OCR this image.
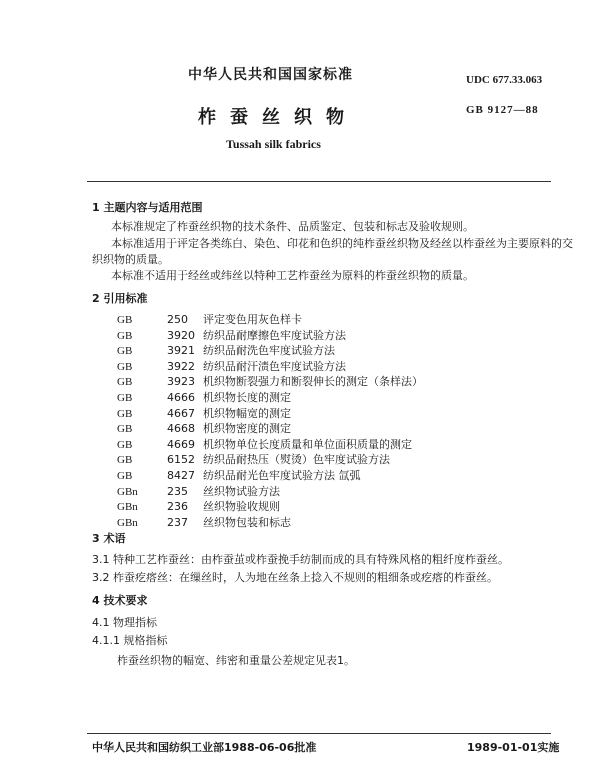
中华人民共和国国家标准	UDC 677.33.063
柞蚕丝织物	GB 9127—88
Tussah silk fabrics
1 主题内容与适用范围
本标准规定了柞蚕丝织物的技术条件、品质鉴定、包装和标志及验收规则。
本标准适用于评定各类练白、染色、印花和色织的纯柞蚕丝织物及经丝以柞蚕丝为主要原料的交
织织物的质量。
本标准不适用于经丝或纬丝以特种工艺柞蚕丝为原料的柞蚕丝织物的质量。
2 引用标准
GB	250 评定变色用灰色样卡
GB	3920 纺织品耐摩擦色牢度试验方法
GB	3921 纺织品耐洗色牢度试验方法
GB	3922 纺织品耐汗渍色牢度试验方法
GB	3923 机织物断裂强力和断裂伸长的测定（条样法）
GB	4666 机织物长度的测定
GB	4667 机织物幅宽的测定
GB	4668 机织物密度的测定
GB	4669 机织物单位长度质量和单位面积质量的测定
GB	6152 纺织品耐热压（熨烫）色牢度试验方法
GB	8427 纺织品耐光色牢度试验方法 氙弧
GBn	235 丝织物试验方法
GBn	236 丝织物验收规则
GBn	237 丝织物包装和标志
3 术语
3.1 特种工艺柞蚕丝：由柞蚕茧或柞蚕挽手纺制而成的具有特殊风格的粗纤度柞蚕丝。
3.2 柞蚕疙瘩丝：在缫丝时，人为地在丝条上捻入不规则的粗细条或疙瘩的柞蚕丝。
4 技术要求
4.1 物理指标
4.1.1 规格指标
柞蚕丝织物的幅宽、纬密和重量公差规定见表1。
中华人民共和国纺织工业部1988-06-06批准	1989-01-01实施
